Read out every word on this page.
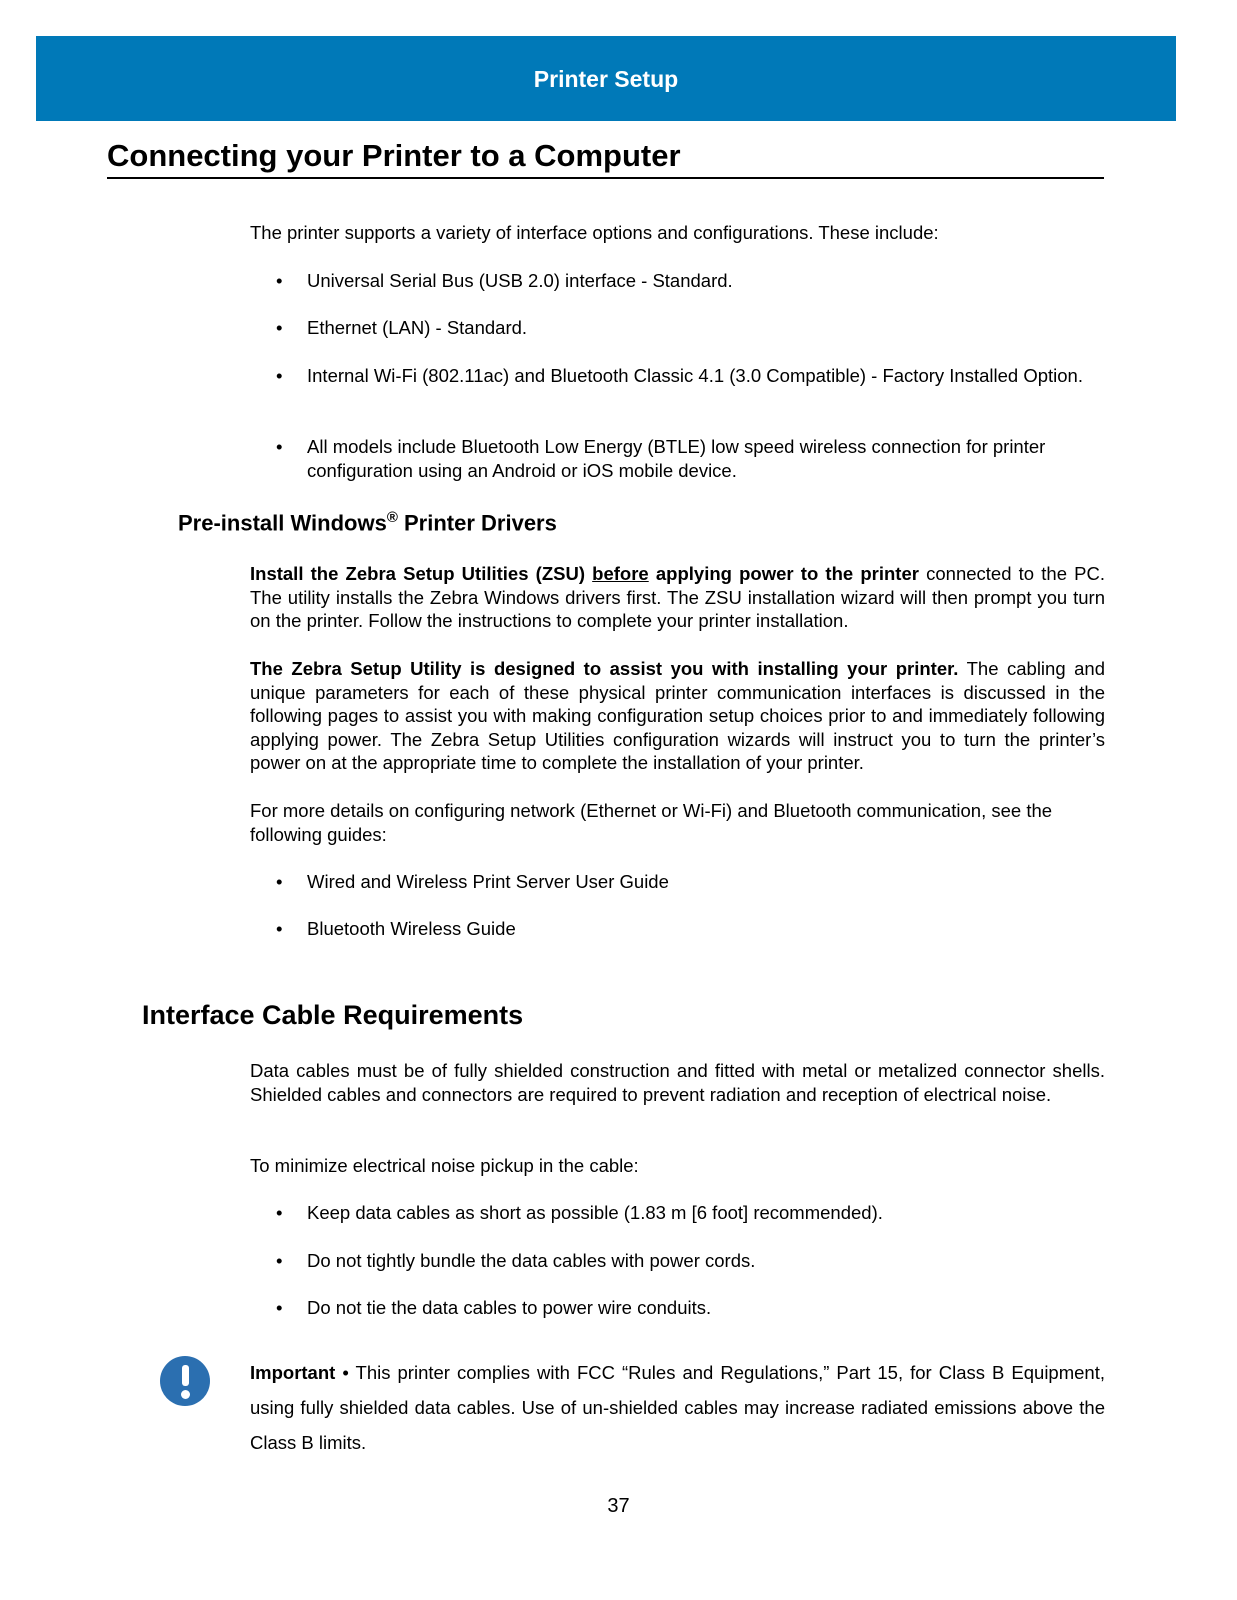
Printer Setup
Connecting your Printer to a Computer
The printer supports a variety of interface options and configurations. These include:
•	Universal Serial Bus (USB 2.0) interface - Standard.
•	Ethernet (LAN) - Standard.
•	Internal Wi-Fi (802.11ac) and Bluetooth Classic 4.1 (3.0 Compatible) - Factory Installed Option.
•	All models include Bluetooth Low Energy (BTLE) low speed wireless connection for printer configuration using an Android or iOS mobile device.
Pre-install Windows® Printer Drivers
Install the Zebra Setup Utilities (ZSU) before applying power to the printer connected to the PC. The utility installs the Zebra Windows drivers first. The ZSU installation wizard will then prompt you turn on the printer. Follow the instructions to complete your printer installation.
The Zebra Setup Utility is designed to assist you with installing your printer. The cabling and unique parameters for each of these physical printer communication interfaces is discussed in the following pages to assist you with making configuration setup choices prior to and immediately following applying power. The Zebra Setup Utilities configuration wizards will instruct you to turn the printer’s power on at the appropriate time to complete the installation of your printer.
For more details on configuring network (Ethernet or Wi-Fi) and Bluetooth communication, see the following guides:
•	Wired and Wireless Print Server User Guide
•	Bluetooth Wireless Guide
Interface Cable Requirements
Data cables must be of fully shielded construction and fitted with metal or metalized connector shells. Shielded cables and connectors are required to prevent radiation and reception of electrical noise.
To minimize electrical noise pickup in the cable:
•	Keep data cables as short as possible (1.83 m [6 foot] recommended).
•	Do not tightly bundle the data cables with power cords.
•	Do not tie the data cables to power wire conduits.
Important • This printer complies with FCC “Rules and Regulations,” Part 15, for Class B Equipment, using fully shielded data cables. Use of un-shielded cables may increase radiated emissions above the Class B limits.
37
